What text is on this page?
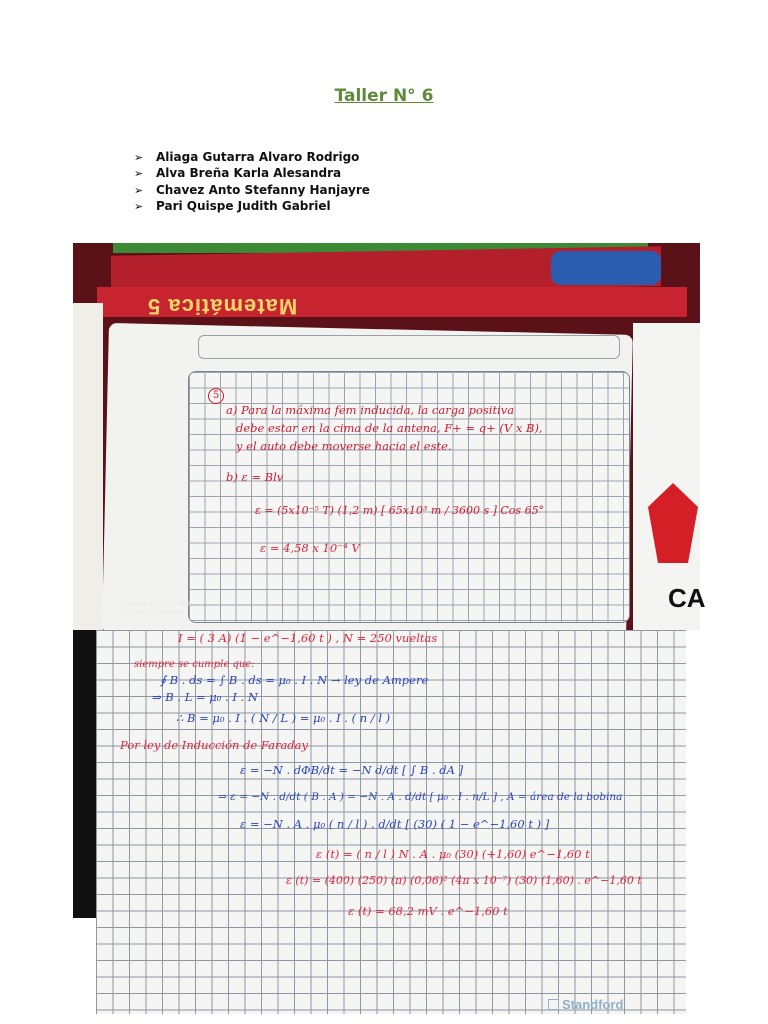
Taller N° 6
➢ Aliaga Gutarra Alvaro Rodrigo
➢ Alva Breña Karla Alesandra
➢ Chavez Anto Stefanny Hanjayre
➢ Pari Quispe Judith Gabriel
Matemática 5
CA
REDMI NOTE 9 PRO
AI QUAD CAMERA
5
a) Para la máxima fem inducida, la carga positiva
debe estar en la cima de la antena, F+ = q+ (V x B),
y el auto debe moverse hacia el este.
b) ε = Blv
ε = (5x10⁻⁵ T) (1,2 m) [ 65x10³ m / 3600 s ] Cos 65°
ε = 4,58 x 10⁻⁴ V
Standford
I = ( 3 A) (1 − e^−1,60 t ) , N = 250 vueltas
siempre se cumple que:
∮ B . ds = ∫ B . ds = μ₀ . I . N → ley de Ampere
⇒ B . L = μ₀ . I . N
∴ B = μ₀ . I . ( N / L ) = μ₀ . I . ( n / l )
Por ley de Inducción de Faraday
ε = −N . dΦB/dt = −N d/dt [ ∫ B . dA ]
⇒ ε = −N . d/dt ( B . A ) = −N . A . d/dt [ μ₀ . I . n/L ] , A = área de la bobina
ε = −N . A . μ₀ ( n / l ) . d/dt [ (30) ( 1 − e^−1,60 t ) ]
ε (t) = ( n / l ) N . A . μ₀ (30) (+1,60) e^−1,60 t
ε (t) = (400) (250) (π) (0,06)² (4π x 10⁻⁷) (30) (1,60) . e^−1,60 t
ε (t) = 68,2 mV . e^−1,60 t
